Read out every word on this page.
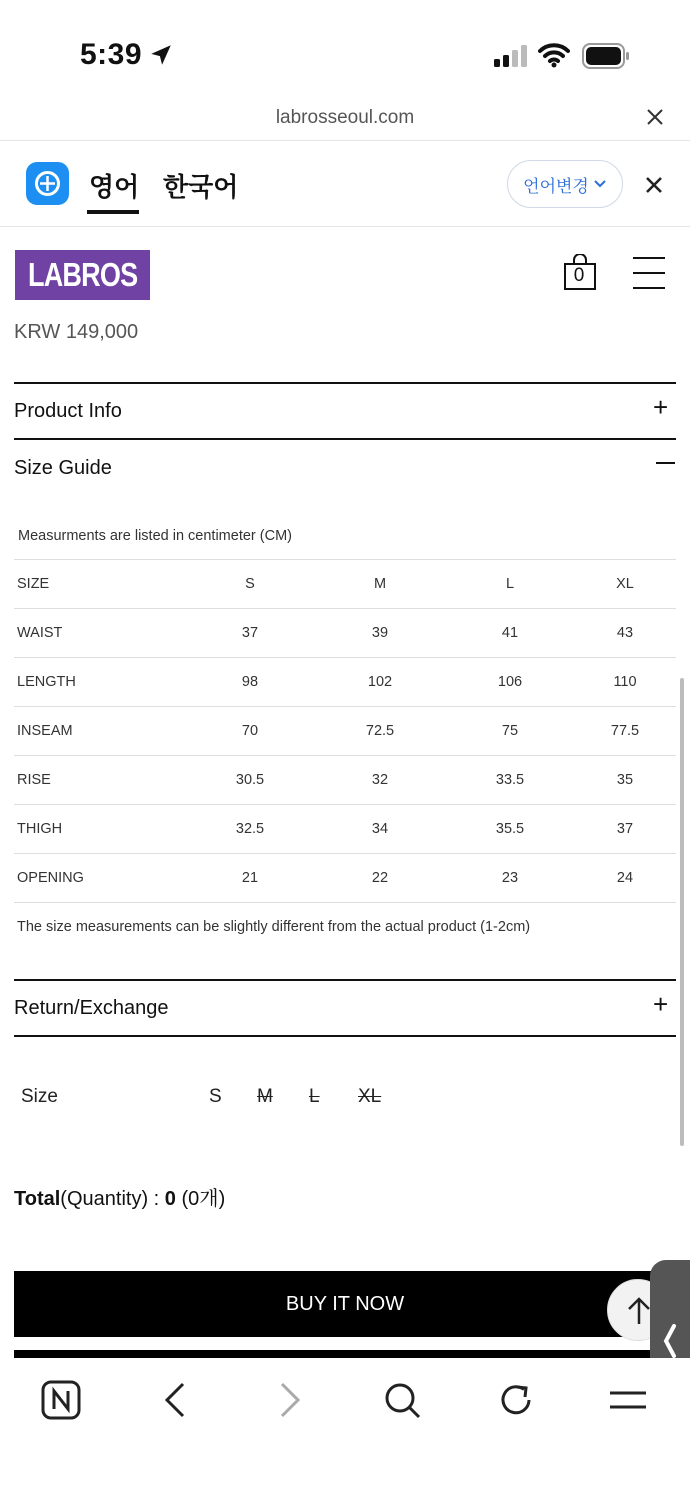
5:39
labrosseoul.com
영어 한국어	언어변경
LABROS	0
KRW 149,000
Product Info	+
Size Guide
Measurments are listed in centimeter (CM)
SIZE	S	M	L	XL
WAIST	37	39	41	43
LENGTH	98	102	106	110
INSEAM	70	72.5	75	77.5
RISE	30.5	32	33.5	35
THIGH	32.5	34	35.5	37
OPENING	21	22	23	24
The size measurements can be slightly different from the actual product (1-2cm)
Return/Exchange	+
Size	S M L XL
Total(Quantity) : 0 (0개)
BUY IT NOW
